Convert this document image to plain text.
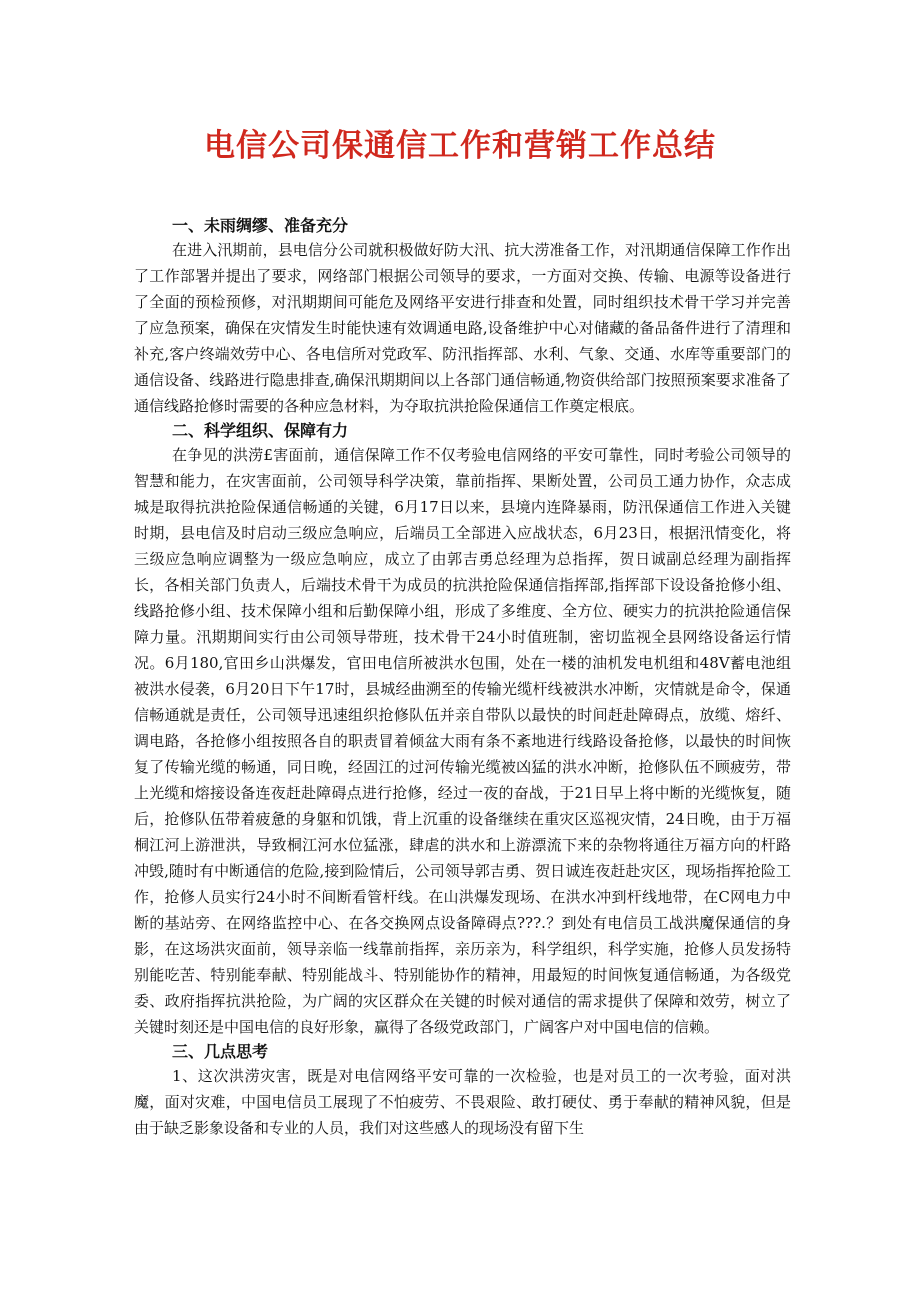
电信公司保通信工作和营销工作总结
一、未雨绸缪、准备充分

在进入汛期前，县电信分公司就积极做好防大汛、抗大涝准备工作，对汛期通信保障工作作出了工作部署并提出了要求，网络部门根据公司领导的要求，一方面对交换、传输、电源等设备进行了全面的预检预修，对汛期期间可能危及网络平安进行排查和处置，同时组织技术骨干学习并完善了应急预案，确保在灾情发生时能快速有效调通电路,设备维护中心对储藏的备品备件进行了清理和补充,客户终端效劳中心、各电信所对党政军、防汛指挥部、水利、气象、交通、水库等重要部门的通信设备、线路进行隐患排查,确保汛期期间以上各部门通信畅通,物资供给部门按照预案要求准备了通信线路抢修时需要的各种应急材料，为夺取抗洪抢险保通信工作奠定根底。

二、科学组织、保障有力

在争见的洪涝£害面前，通信保障工作不仅考验电信网络的平安可靠性，同时考验公司领导的智慧和能力，在灾害面前，公司领导科学决策，靠前指挥、果断处置，公司员工通力协作，众志成城是取得抗洪抢险保通信畅通的关键，6月17日以来，县境内连降暴雨，防汛保通信工作进入关键时期，县电信及时启动三级应急响应，后端员工全部进入应战状态，6月23日，根据汛情变化，将三级应急响应调整为一级应急响应，成立了由郭吉勇总经理为总指挥，贺日诚副总经理为副指挥长，各相关部门负责人，后端技术骨干为成员的抗洪抢险保通信指挥部,指挥部下设设备抢修小组、线路抢修小组、技术保障小组和后勤保障小组，形成了多维度、全方位、硬实力的抗洪抢险通信保障力量。汛期期间实行由公司领导带班，技术骨干24小时值班制，密切监视全县网络设备运行情况。6月180,官田乡山洪爆发，官田电信所被洪水包围，处在一楼的油机发电机组和48V蓄电池组被洪水侵袭，6月20日下午17时，县城经曲溯至的传输光缆杆线被洪水冲断，灾情就是命令，保通信畅通就是责任，公司领导迅速组织抢修队伍并亲自带队以最快的时间赶赴障碍点，放缆、熔纤、调电路，各抢修小组按照各自的职责冒着倾盆大雨有条不紊地进行线路设备抢修，以最快的时间恢复了传输光缆的畅通，同日晚，经固江的过河传输光缆被凶猛的洪水冲断，抢修队伍不顾疲劳，带上光缆和熔接设备连夜赶赴障碍点进行抢修，经过一夜的奋战，于21日早上将中断的光缆恢复，随后，抢修队伍带着疲惫的身躯和饥饿，背上沉重的设备继续在重灾区巡视灾情，24日晚，由于万福桐江河上游泄洪，导致桐江河水位猛涨，肆虐的洪水和上游漂流下来的杂物将通往万福方向的杆路冲毁,随时有中断通信的危险,接到险情后，公司领导郭吉勇、贺日诚连夜赶赴灾区，现场指挥抢险工作，抢修人员实行24小时不间断看管杆线。在山洪爆发现场、在洪水冲到杆线地带，在C网电力中断的基站旁、在网络监控中心、在各交换网点设备障碍点???.？到处有电信员工战洪魔保通信的身影，在这场洪灾面前，领导亲临一线靠前指挥，亲历亲为，科学组织，科学实施，抢修人员发扬特别能吃苦、特别能奉献、特别能战斗、特别能协作的精神，用最短的时间恢复通信畅通，为各级党委、政府指挥抗洪抢险，为广阔的灾区群众在关键的时候对通信的需求提供了保障和效劳，树立了关键时刻还是中国电信的良好形象，赢得了各级党政部门，广阔客户对中国电信的信赖。

三、几点思考

1、这次洪涝灾害，既是对电信网络平安可靠的一次检验，也是对员工的一次考验，面对洪魔，面对灾难，中国电信员工展现了不怕疲劳、不畏艰险、敢打硬仗、勇于奉献的精神风貌，但是由于缺乏影象设备和专业的人员，我们对这些感人的现场没有留下生
